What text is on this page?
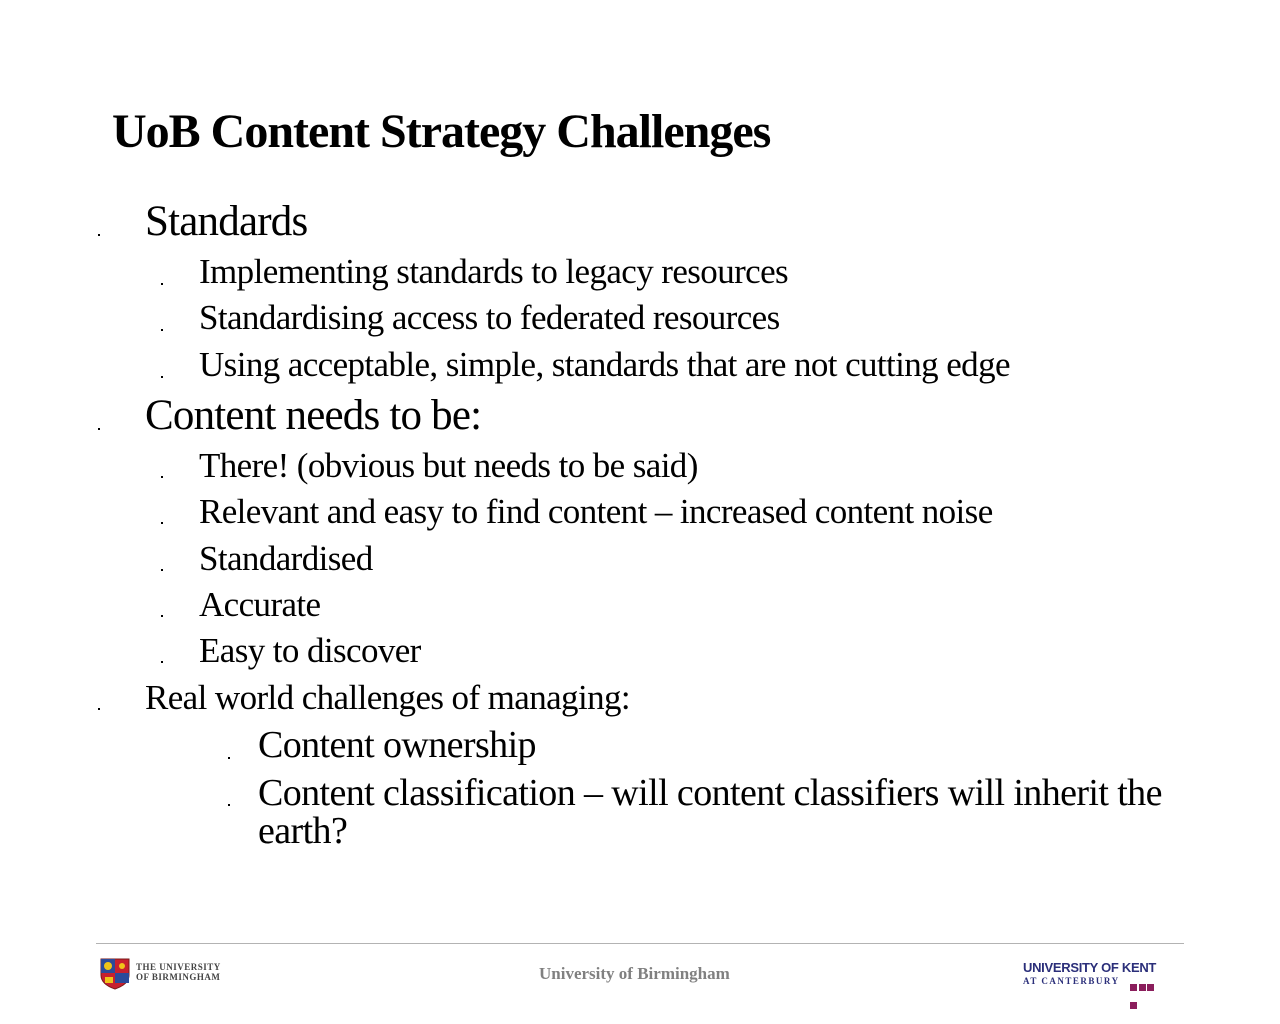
UoB Content Strategy Challenges
Standards
Implementing standards to legacy resources
Standardising access to federated resources
Using acceptable, simple, standards that are not cutting edge
Content needs to be:
There! (obvious but needs to be said)
Relevant and easy to find content – increased content noise
Standardised
Accurate
Easy to discover
Real world challenges of managing:
Content ownership
Content classification – will content classifiers will inherit the earth?
THE UNIVERSITY
OF BIRMINGHAM	University of Birmingham	UNIVERSITY OF KENT
AT CANTERBURY
